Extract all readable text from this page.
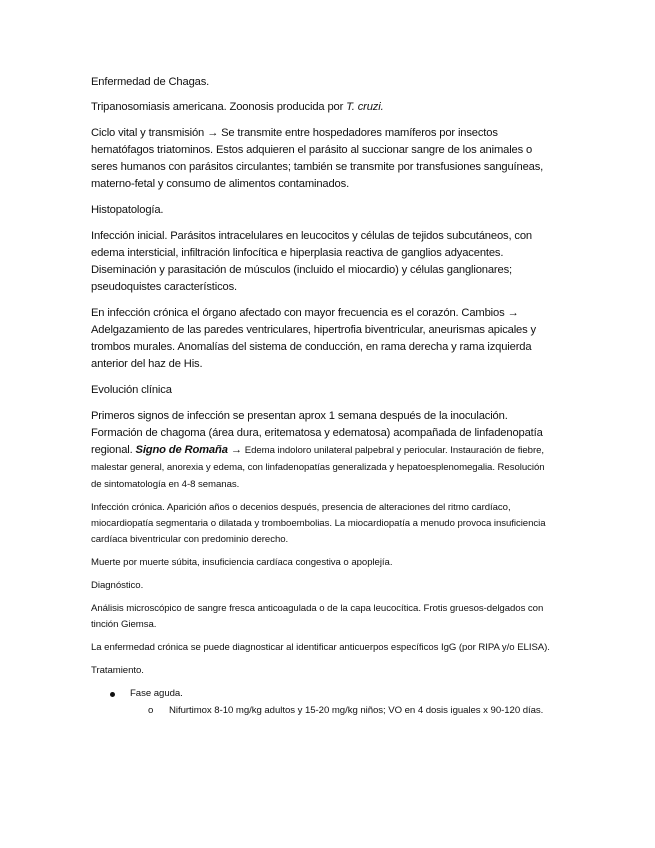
Enfermedad de Chagas.

Tripanosomiasis americana. Zoonosis producida por T. cruzi.

Ciclo vital y transmisión → Se transmite entre hospedadores mamíferos por insectos hematófagos triatominos. Estos adquieren el parásito al succionar sangre de los animales o seres humanos con parásitos circulantes; también se transmite por transfusiones sanguíneas, materno-fetal y consumo de alimentos contaminados.

Histopatología.

Infección inicial. Parásitos intracelulares en leucocitos y células de tejidos subcutáneos, con edema intersticial, infiltración linfocítica e hiperplasia reactiva de ganglios adyacentes. Diseminación y parasitación de músculos (incluido el miocardio) y células ganglionares; pseudoquistes característicos.

En infección crónica el órgano afectado con mayor frecuencia es el corazón. Cambios → Adelgazamiento de las paredes ventriculares, hipertrofia biventricular, aneurismas apicales y trombos murales. Anomalías del sistema de conducción, en rama derecha y rama izquierda anterior del haz de His.

Evolución clínica

Primeros signos de infección se presentan aprox 1 semana después de la inoculación. Formación de chagoma (área dura, eritematosa y edematosa) acompañada de linfadenopatía regional. Signo de Romaña → Edema indoloro unilateral palpebral y periocular. Instauración de fiebre, malestar general, anorexia y edema, con linfadenopatías generalizada y hepatoesplenomegalia. Resolución de sintomatología en 4-8 semanas.

Infección crónica. Aparición años o decenios después, presencia de alteraciones del ritmo cardíaco, miocardiopatía segmentaria o dilatada y tromboembolias. La miocardiopatía a menudo provoca insuficiencia cardíaca biventricular con predominio derecho.

Muerte por muerte súbita, insuficiencia cardíaca congestiva o apoplejía.

Diagnóstico.

Análisis microscópico de sangre fresca anticoagulada o de la capa leucocítica. Frotis gruesos-delgados con tinción Giemsa.

La enfermedad crónica se puede diagnosticar al identificar anticuerpos específicos IgG (por RIPA y/o ELISA).

Tratamiento.

Fase aguda.
o Nifurtimox 8-10 mg/kg adultos y 15-20 mg/kg niños; VO en 4 dosis iguales x 90-120 días.
